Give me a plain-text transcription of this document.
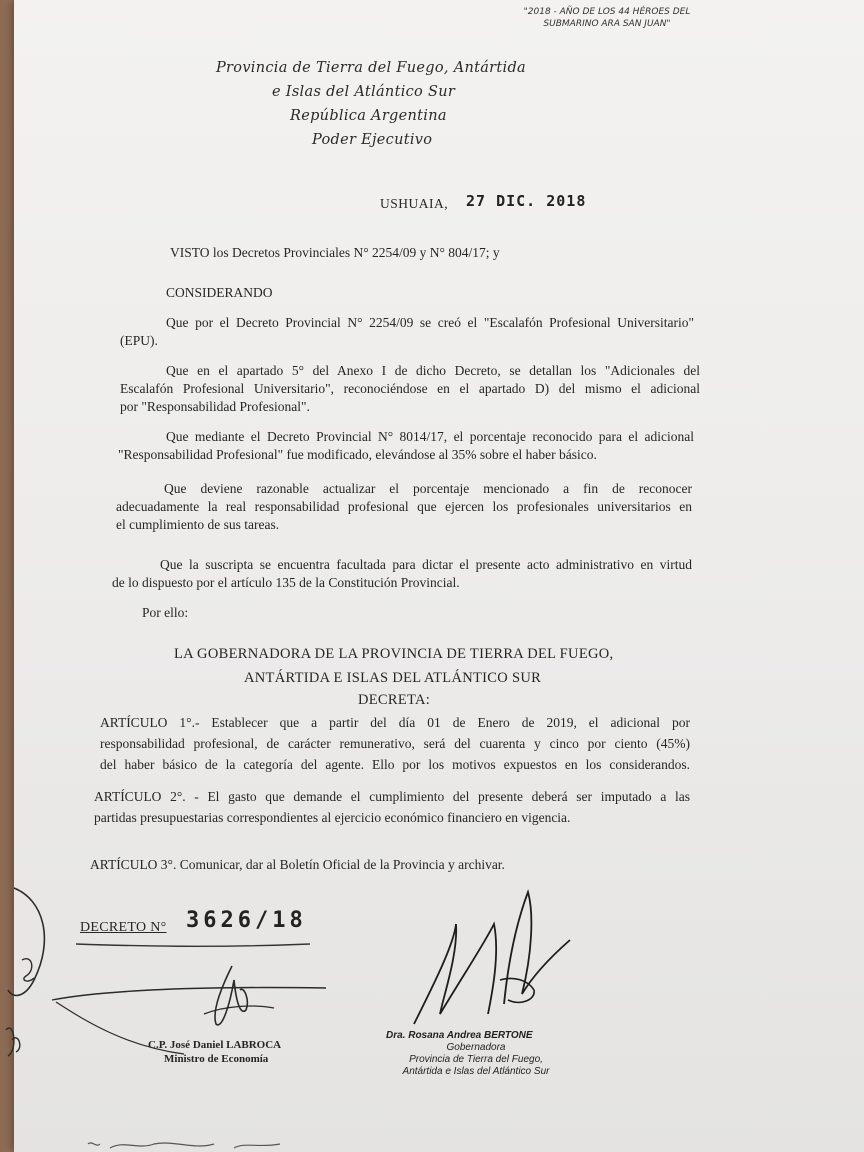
"2018 - AÑO DE LOS 44 HÉROES DEL
SUBMARINO ARA SAN JUAN"
Provincia de Tierra del Fuego, Antártida
e Islas del Atlántico Sur
República Argentina
Poder Ejecutivo
USHUAIA, 27 DIC. 2018
VISTO los Decretos Provinciales N° 2254/09 y N° 804/17; y
CONSIDERANDO
Que por el Decreto Provincial N° 2254/09 se creó el "Escalafón Profesional Universitario"
(EPU).
Que en el apartado 5° del Anexo I de dicho Decreto, se detallan los "Adicionales del
Escalafón Profesional Universitario", reconociéndose en el apartado D) del mismo el adicional
por "Responsabilidad Profesional".
Que mediante el Decreto Provincial N° 8014/17, el porcentaje reconocido para el adicional
"Responsabilidad Profesional" fue modificado, elevándose al 35% sobre el haber básico.
Que deviene razonable actualizar el porcentaje mencionado a fin de reconocer
adecuadamente la real responsabilidad profesional que ejercen los profesionales universitarios en
el cumplimiento de sus tareas.
Que la suscripta se encuentra facultada para dictar el presente acto administrativo en virtud
de lo dispuesto por el artículo 135 de la Constitución Provincial.
Por ello:
LA GOBERNADORA DE LA PROVINCIA DE TIERRA DEL FUEGO,
ANTÁRTIDA E ISLAS DEL ATLÁNTICO SUR
DECRETA:
ARTÍCULO 1°.- Establecer que a partir del día 01 de Enero de 2019, el adicional por
responsabilidad profesional, de carácter remunerativo, será del cuarenta y cinco por ciento (45%)
del haber básico de la categoría del agente. Ello por los motivos expuestos en los considerandos.
ARTÍCULO 2°. - El gasto que demande el cumplimiento del presente deberá ser imputado a las
partidas presupuestarias correspondientes al ejercicio económico financiero en vigencia.
ARTÍCULO 3°. Comunicar, dar al Boletín Oficial de la Provincia y archivar.
DECRETO N° 3626/18
C.P. José Daniel LABROCA
Ministro de Economía
Dra. Rosana Andrea BERTONE
Gobernadora
Provincia de Tierra del Fuego,
Antártida e Islas del Atlántico Sur
